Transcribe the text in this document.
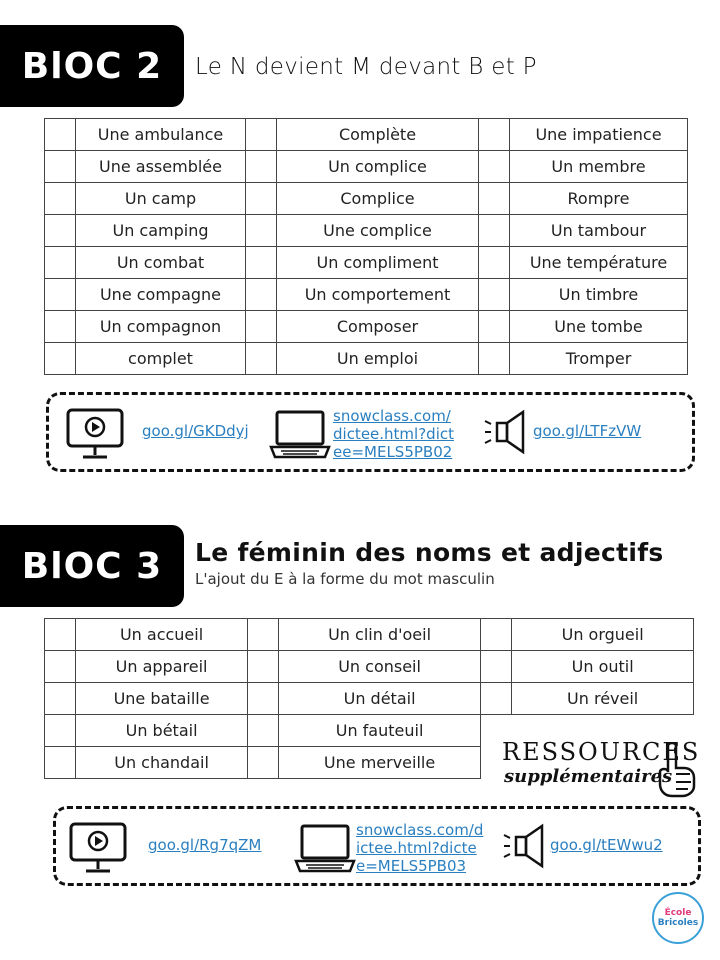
BlOC 2 Le N devient M devant B et P
	Une ambulance		Complète		Une impatience
	Une assemblée		Un complice		Un membre
	Un camp		Complice		Rompre
	Un camping		Une complice		Un tambour
	Un combat		Un compliment		Une température
	Une compagne		Un comportement		Un timbre
	Un compagnon		Composer		Une tombe
	complet		Un emploi		Tromper
goo.gl/GKDdyj
snowclass.com/
dictee.html?dict
ee=MELS5PB02
goo.gl/LTFzVW
BlOC 3 Le féminin des noms et adjectifs
L'ajout du E à la forme du mot masculin
	Un accueil		Un clin d'oeil		Un orgueil
	Un appareil		Un conseil		Un outil
	Une bataille		Un détail		Un réveil
	Un bétail		Un fauteuil		
	Un chandail		Une merveille			RESSOURCES
supplémentaires
goo.gl/Rg7qZM
snowclass.com/d
ictee.html?dicte
e=MELS5PB03
goo.gl/tEWwu2
École
Bricoles
